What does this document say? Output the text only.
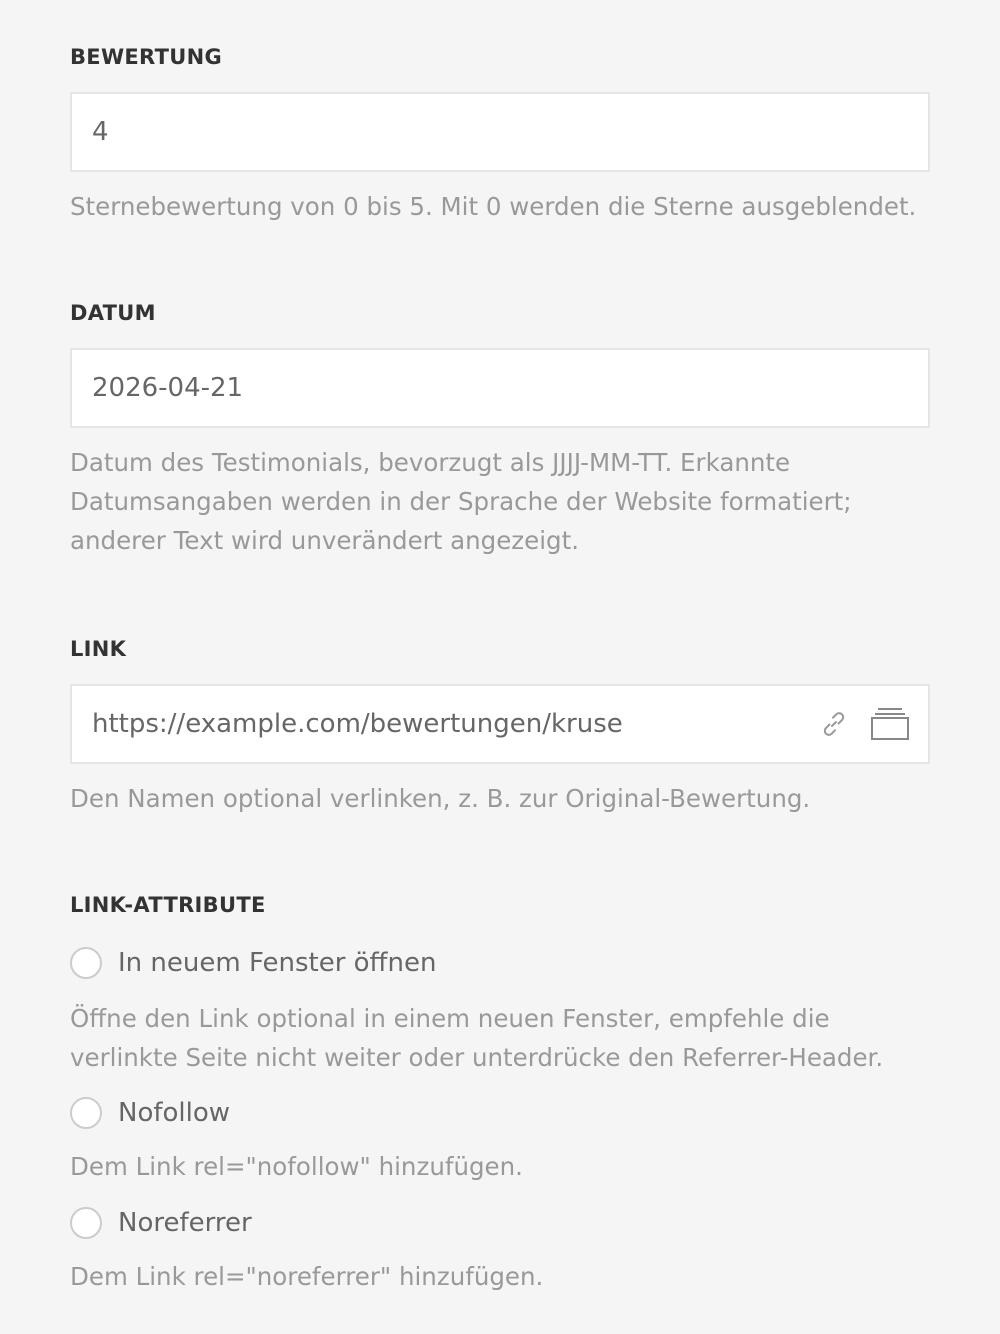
BEWERTUNG
4

Sternebewertung von 0 bis 5. Mit 0 werden die Sterne ausgeblendet.

DATUM
2026-04-21

Datum des Testimonials, bevorzugt als JJJJ-MM-TT. Erkannte Datumsangaben werden in der Sprache der Website formatiert; anderer Text wird unverändert angezeigt.

LINK
https://example.com/bewertungen/kruse

Den Namen optional verlinken, z. B. zur Original-Bewertung.

LINK-ATTRIBUTE
In neuem Fenster öffnen

Öffne den Link optional in einem neuen Fenster, empfehle die verlinkte Seite nicht weiter oder unterdrücke den Referrer-Header.

Nofollow

Dem Link rel="nofollow" hinzufügen.

Noreferrer

Dem Link rel="noreferrer" hinzufügen.
